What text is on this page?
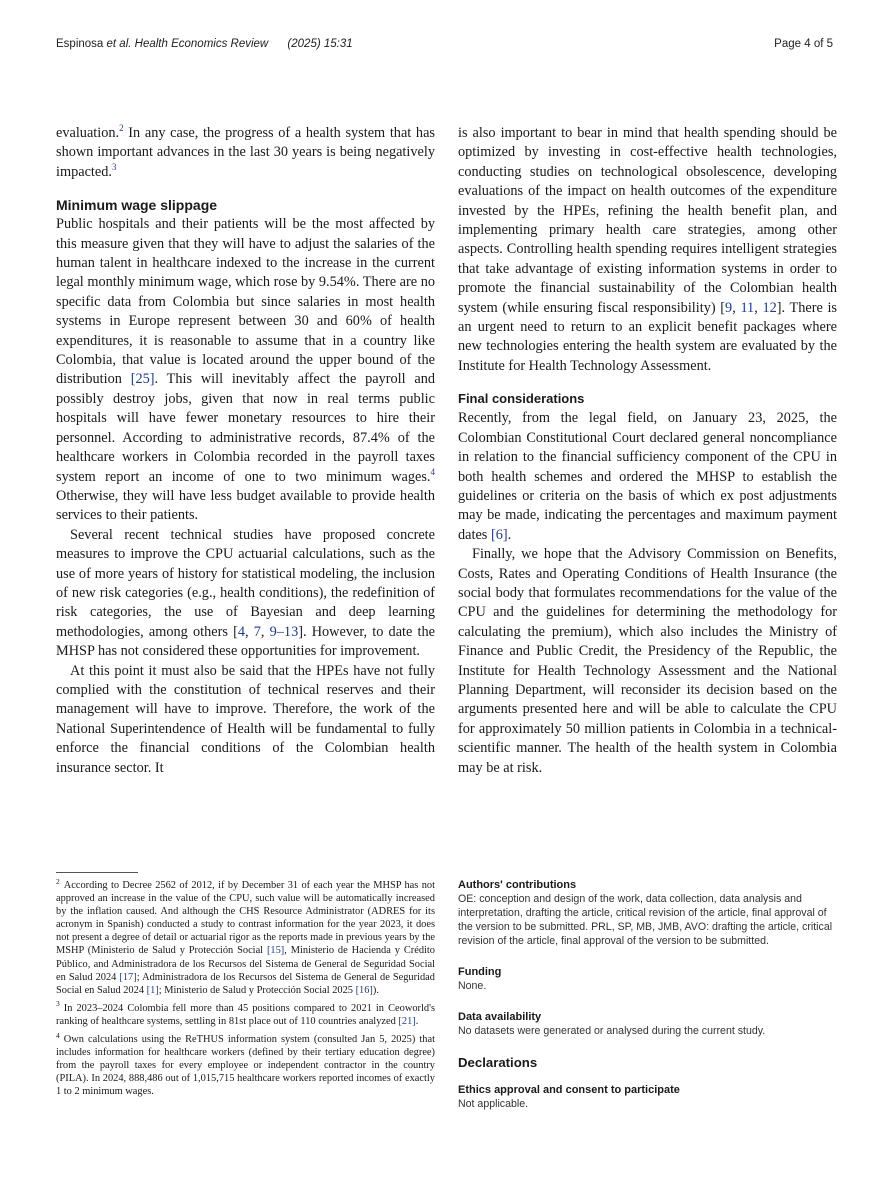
Espinosa et al. Health Economics Review (2025) 15:31	Page 4 of 5

evaluation.$^2$ In any case, the progress of a health system that has shown important advances in the last 30 years is being negatively impacted.$^3$

Minimum wage slippage

Public hospitals and their patients will be the most affected by this measure given that they will have to adjust the salaries of the human talent in healthcare indexed to the increase in the current legal monthly minimum wage, which rose by 9.54%. There are no specific data from Colombia but since salaries in most health systems in Europe represent between 30 and 60% of health expenditures, it is reasonable to assume that in a country like Colombia, that value is located around the upper bound of the distribution [25]. This will inevitably affect the payroll and possibly destroy jobs, given that now in real terms public hospitals will have fewer monetary resources to hire their personnel. According to administrative records, 87.4% of the healthcare workers in Colombia recorded in the payroll taxes system report an income of one to two minimum wages.$^4$ Otherwise, they will have less budget available to provide health services to their patients.

Several recent technical studies have proposed concrete measures to improve the CPU actuarial calculations, such as the use of more years of history for statistical modeling, the inclusion of new risk categories (e.g., health conditions), the redefinition of risk categories, the use of Bayesian and deep learning methodologies, among others [4, 7, 9–13]. However, to date the MHSP has not considered these opportunities for improvement.

At this point it must also be said that the HPEs have not fully complied with the constitution of technical reserves and their management will have to improve. Therefore, the work of the National Superintendence of Health will be fundamental to fully enforce the financial conditions of the Colombian health insurance sector. It

is also important to bear in mind that health spending should be optimized by investing in cost-effective health technologies, conducting studies on technological obsolescence, developing evaluations of the impact on health outcomes of the expenditure invested by the HPEs, refining the health benefit plan, and implementing primary health care strategies, among other aspects. Controlling health spending requires intelligent strategies that take advantage of existing information systems in order to promote the financial sustainability of the Colombian health system (while ensuring fiscal responsibility) [9, 11, 12]. There is an urgent need to return to an explicit benefit packages where new technologies entering the health system are evaluated by the Institute for Health Technology Assessment.

Final considerations

Recently, from the legal field, on January 23, 2025, the Colombian Constitutional Court declared general noncompliance in relation to the financial sufficiency component of the CPU in both health schemes and ordered the MHSP to establish the guidelines or criteria on the basis of which ex post adjustments may be made, indicating the percentages and maximum payment dates [6].

Finally, we hope that the Advisory Commission on Benefits, Costs, Rates and Operating Conditions of Health Insurance (the social body that formulates recommendations for the value of the CPU and the guidelines for determining the methodology for calculating the premium), which also includes the Ministry of Finance and Public Credit, the Presidency of the Republic, the Institute for Health Technology Assessment and the National Planning Department, will reconsider its decision based on the arguments presented here and will be able to calculate the CPU for approximately 50 million patients in Colombia in a technical-scientific manner. The health of the health system in Colombia may be at risk.

$^2$ According to Decree 2562 of 2012, if by December 31 of each year the MHSP has not approved an increase in the value of the CPU, such value will be automatically increased by the inflation caused. And although the CHS Resource Administrator (ADRES for its acronym in Spanish) conducted a study to contrast information for the year 2023, it does not present a degree of detail or actuarial rigor as the reports made in previous years by the MSHP (Ministerio de Salud y Protección Social [15], Ministerio de Hacienda y Crédito Público, and Administradora de los Recursos del Sistema de General de Seguridad Social en Salud 2024 [17]; Administradora de los Recursos del Sistema de General de Seguridad Social en Salud 2024 [1]; Ministerio de Salud y Protección Social 2025 [16]).

$^3$ In 2023–2024 Colombia fell more than 45 positions compared to 2021 in Ceoworld's ranking of healthcare systems, settling in 81st place out of 110 countries analyzed [21].

$^4$ Own calculations using the ReTHUS information system (consulted Jan 5, 2025) that includes information for healthcare workers (defined by their tertiary education degree) from the payroll taxes for every employee or independent contractor in the country (PILA). In 2024, 888,486 out of 1,015,715 healthcare workers reported incomes of exactly 1 to 2 minimum wages.

Authors' contributions

OE: conception and design of the work, data collection, data analysis and interpretation, drafting the article, critical revision of the article, final approval of the version to be submitted. PRL, SP, MB, JMB, AVO: drafting the article, critical revision of the article, final approval of the version to be submitted.

Funding

None.

Data availability

No datasets were generated or analysed during the current study.

Declarations
Ethics approval and consent to participate

Not applicable.
